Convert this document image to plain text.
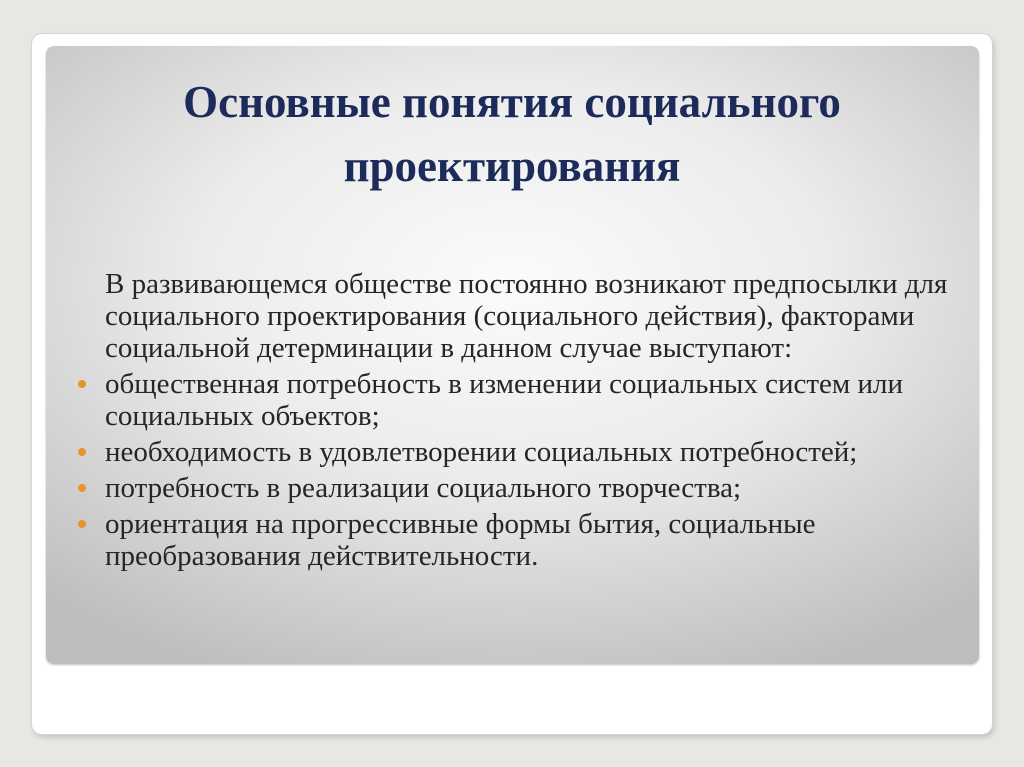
Основные понятия социального
проектирования

В развивающемся обществе постоянно возникают предпосылки для социального проектирования (социального действия), факторами социальной детерминации в данном случае выступают:

общественная потребность в изменении социальных систем или социальных объектов;
необходимость в удовлетворении социальных потребностей;
потребность в реализации социального творчества;
ориентация на прогрессивные формы бытия, социальные преобразования действительности.
